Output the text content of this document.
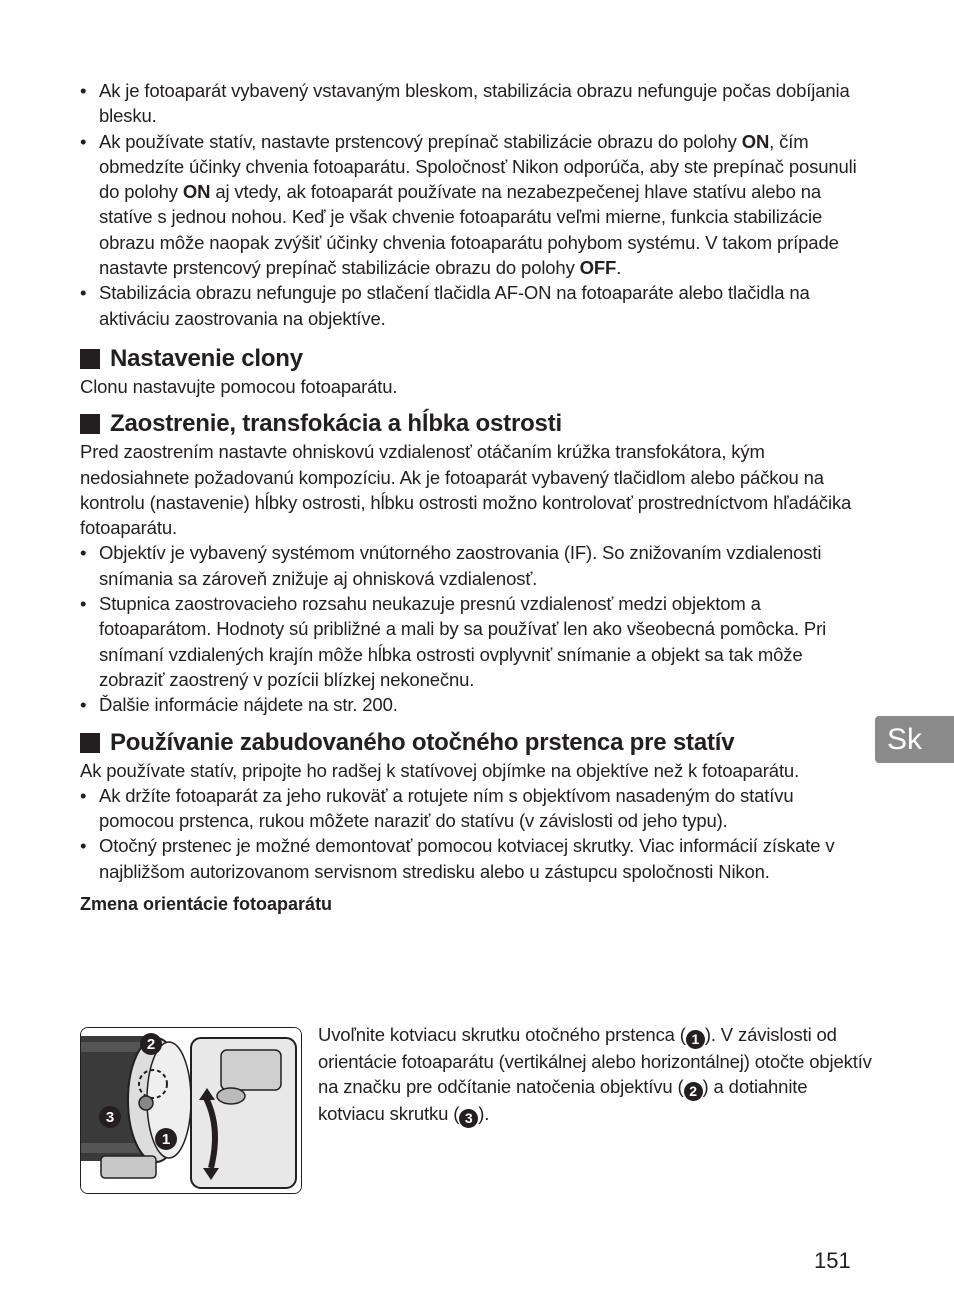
• Ak je fotoaparát vybavený vstavaným bleskom, stabilizácia obrazu nefunguje počas dobíjania blesku.
• Ak používate statív, nastavte prstencový prepínač stabilizácie obrazu do polohy ON, čím obmedzíte účinky chvenia fotoaparátu. Spoločnosť Nikon odporúča, aby ste prepínač posunuli do polohy ON aj vtedy, ak fotoaparát používate na nezabezpečenej hlave statívu alebo na statíve s jednou nohou. Keď je však chvenie fotoaparátu veľmi mierne, funkcia stabilizácie obrazu môže naopak zvýšiť účinky chvenia fotoaparátu pohybom systému. V takom prípade nastavte prstencový prepínač stabilizácie obrazu do polohy OFF.
• Stabilizácia obrazu nefunguje po stlačení tlačidla AF-ON na fotoaparáte alebo tlačidla na aktiváciu zaostrovania na objektíve.
Nastavenie clony

Clonu nastavujte pomocou fotoaparátu.

Zaostrenie, transfokácia a hĺbka ostrosti

Pred zaostrením nastavte ohniskovú vzdialenosť otáčaním krúžka transfokátora, kým nedosiahnete požadovanú kompozíciu. Ak je fotoaparát vybavený tlačidlom alebo páčkou na kontrolu (nastavenie) hĺbky ostrosti, hĺbku ostrosti možno kontrolovať prostredníctvom hľadáčika fotoaparátu.

• Objektív je vybavený systémom vnútorného zaostrovania (IF). So znižovaním vzdialenosti snímania sa zároveň znižuje aj ohnisková vzdialenosť.
• Stupnica zaostrovacieho rozsahu neukazuje presnú vzdialenosť medzi objektom a fotoaparátom. Hodnoty sú približné a mali by sa používať len ako všeobecná pomôcka. Pri snímaní vzdialených krajín môže hĺbka ostrosti ovplyvniť snímanie a objekt sa tak môže zobraziť zaostrený v pozícii blízkej nekonečnu.
• Ďalšie informácie nájdete na str. 200.
Používanie zabudovaného otočného prstenca pre statív

Ak používate statív, pripojte ho radšej k statívovej objímke na objektíve než k fotoaparátu.

• Ak držíte fotoaparát za jeho rukoväť a rotujete ním s objektívom nasadeným do statívu pomocou prstenca, rukou môžete naraziť do statívu (v závislosti od jeho typu).
• Otočný prstenec je možné demontovať pomocou kotviacej skrutky. Viac informácií získate v najbližšom autorizovanom servisnom stredisku alebo u zástupcu spoločnosti Nikon.

Zmena orientácie fotoaparátu

2
3
1
Uvoľnite kotviacu skrutku otočného prstenca ( 1 ). V závislosti od orientácie fotoaparátu (vertikálnej alebo horizontálnej) otočte objektív na značku pre odčítanie natočenia objektívu ( 2 ) a dotiahnite kotviacu skrutku ( 3 ).
Sk
151
